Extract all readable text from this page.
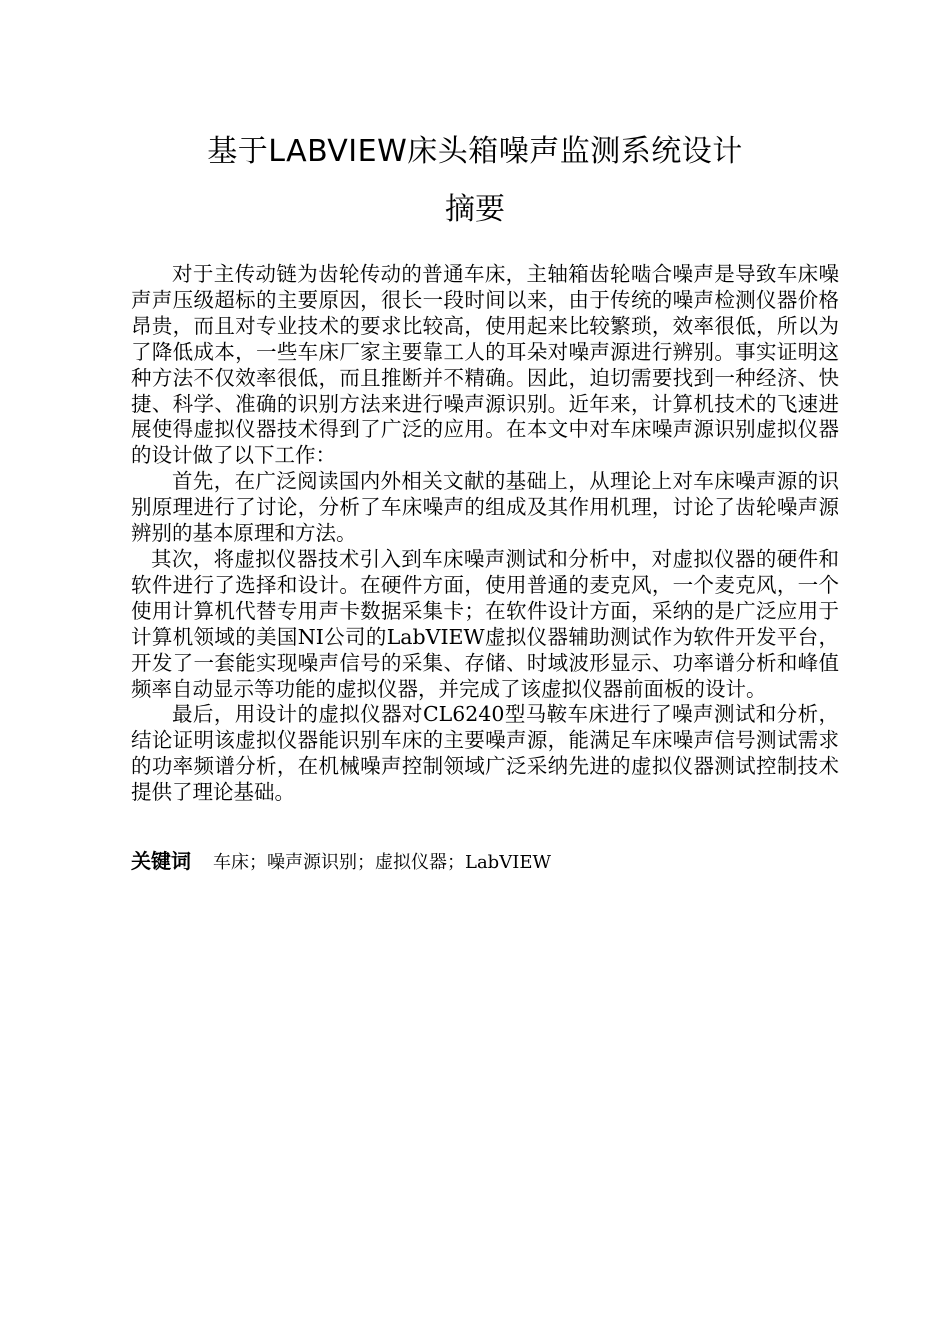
基于LABVIEW床头箱噪声监测系统设计
摘要

对于主传动链为齿轮传动的普通车床，主轴箱齿轮啮合噪声是导致车床噪声声压级超标的主要原因，很长一段时间以来，由于传统的噪声检测仪器价格昂贵，而且对专业技术的要求比较高，使用起来比较繁琐，效率很低，所以为了降低成本，一些车床厂家主要靠工人的耳朵对噪声源进行辨别。事实证明这种方法不仅效率很低，而且推断并不精确。因此，迫切需要找到一种经济、快捷、科学、准确的识别方法来进行噪声源识别。近年来，计算机技术的飞速进展使得虚拟仪器技术得到了广泛的应用。在本文中对车床噪声源识别虚拟仪器的设计做了以下工作：

首先，在广泛阅读国内外相关文献的基础上，从理论上对车床噪声源的识别原理进行了讨论，分析了车床噪声的组成及其作用机理，讨论了齿轮噪声源辨别的基本原理和方法。

其次，将虚拟仪器技术引入到车床噪声测试和分析中，对虚拟仪器的硬件和软件进行了选择和设计。在硬件方面，使用普通的麦克风，一个麦克风，一个使用计算机代替专用声卡数据采集卡；在软件设计方面，采纳的是广泛应用于计算机领域的美国NI公司的LabVIEW虚拟仪器辅助测试作为软件开发平台，开发了一套能实现噪声信号的采集、存储、时域波形显示、功率谱分析和峰值频率自动显示等功能的虚拟仪器，并完成了该虚拟仪器前面板的设计。

最后，用设计的虚拟仪器对CL6240型马鞍车床进行了噪声测试和分析，结论证明该虚拟仪器能识别车床的主要噪声源，能满足车床噪声信号测试需求的功率频谱分析，在机械噪声控制领域广泛采纳先进的虚拟仪器测试控制技术提供了理论基础。

关键词 车床；噪声源识别；虚拟仪器；LabVIEW
